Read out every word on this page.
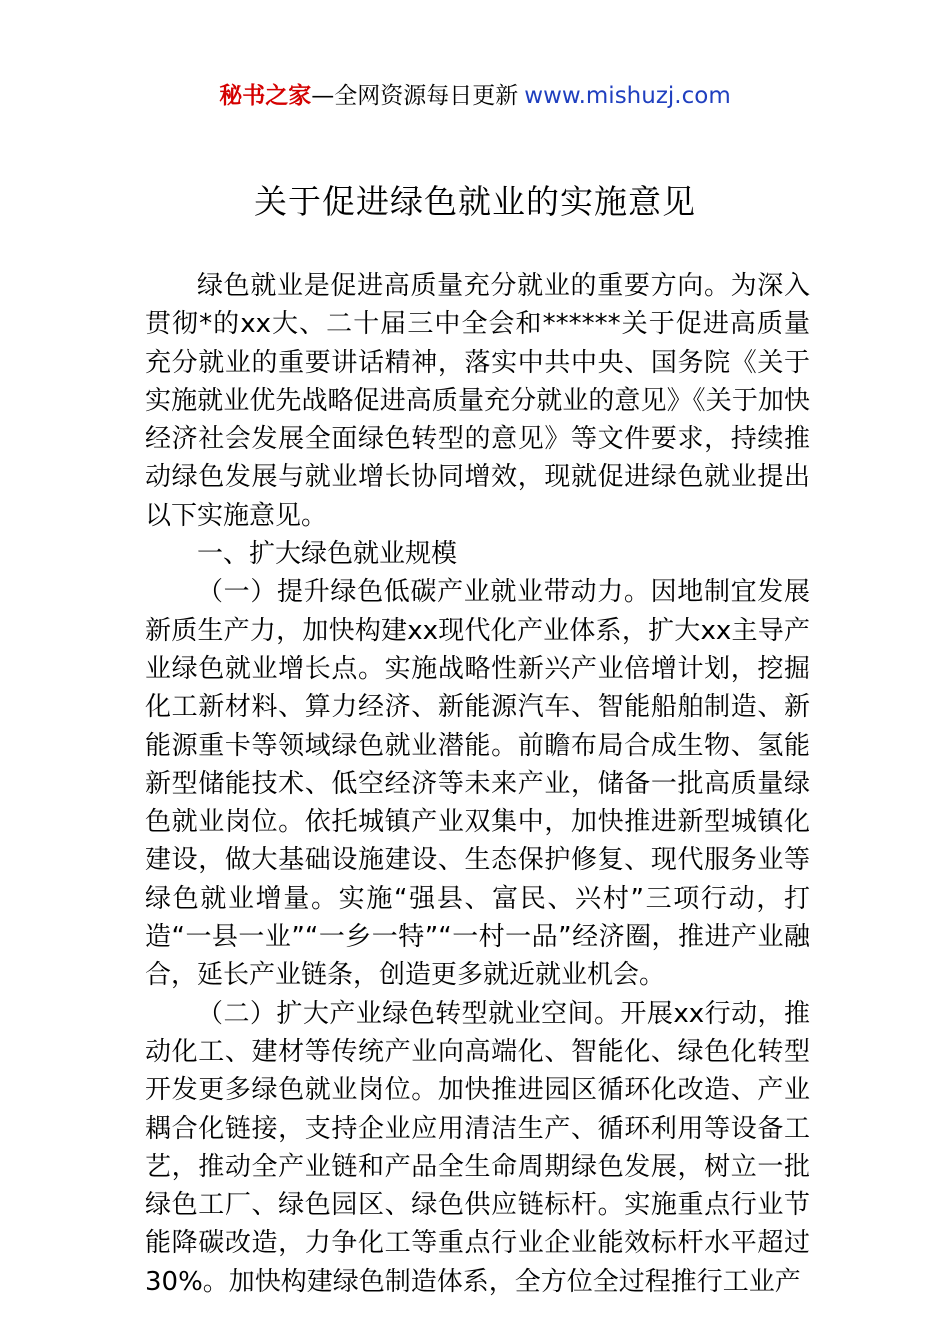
秘书之家—全网资源每日更新 www.mishuzj.com
关于促进绿色就业的实施意见

绿色就业是促进高质量充分就业的重要方向。为深入贯彻*的xx大、二十届三中全会和******关于促进高质量充分就业的重要讲话精神，落实中共中央、国务院《关于实施就业优先战略促进高质量充分就业的意见》《关于加快经济社会发展全面绿色转型的意见》等文件要求，持续推动绿色发展与就业增长协同增效，现就促进绿色就业提出以下实施意见。

一、扩大绿色就业规模

（一）提升绿色低碳产业就业带动力。因地制宜发展新质生产力，加快构建xx现代化产业体系，扩大xx主导产业绿色就业增长点。实施战略性新兴产业倍增计划，挖掘化工新材料、算力经济、新能源汽车、智能船舶制造、新能源重卡等领域绿色就业潜能。前瞻布局合成生物、氢能新型储能技术、低空经济等未来产业，储备一批高质量绿色就业岗位。依托城镇产业双集中，加快推进新型城镇化建设，做大基础设施建设、生态保护修复、现代服务业等绿色就业增量。实施“强县、富民、兴村”三项行动，打造“一县一业”“一乡一特”“一村一品”经济圈，推进产业融合，延长产业链条，创造更多就近就业机会。

（二）扩大产业绿色转型就业空间。开展xx行动，推动化工、建材等传统产业向高端化、智能化、绿色化转型开发更多绿色就业岗位。加快推进园区循环化改造、产业耦合化链接，支持企业应用清洁生产、循环利用等设备工艺，推动全产业链和产品全生命周期绿色发展，树立一批绿色工厂、绿色园区、绿色供应链标杆。实施重点行业节能降碳改造，力争化工等重点行业企业能效标杆水平超过30%。加快构建绿色制造体系，全方位全过程推行工业产
